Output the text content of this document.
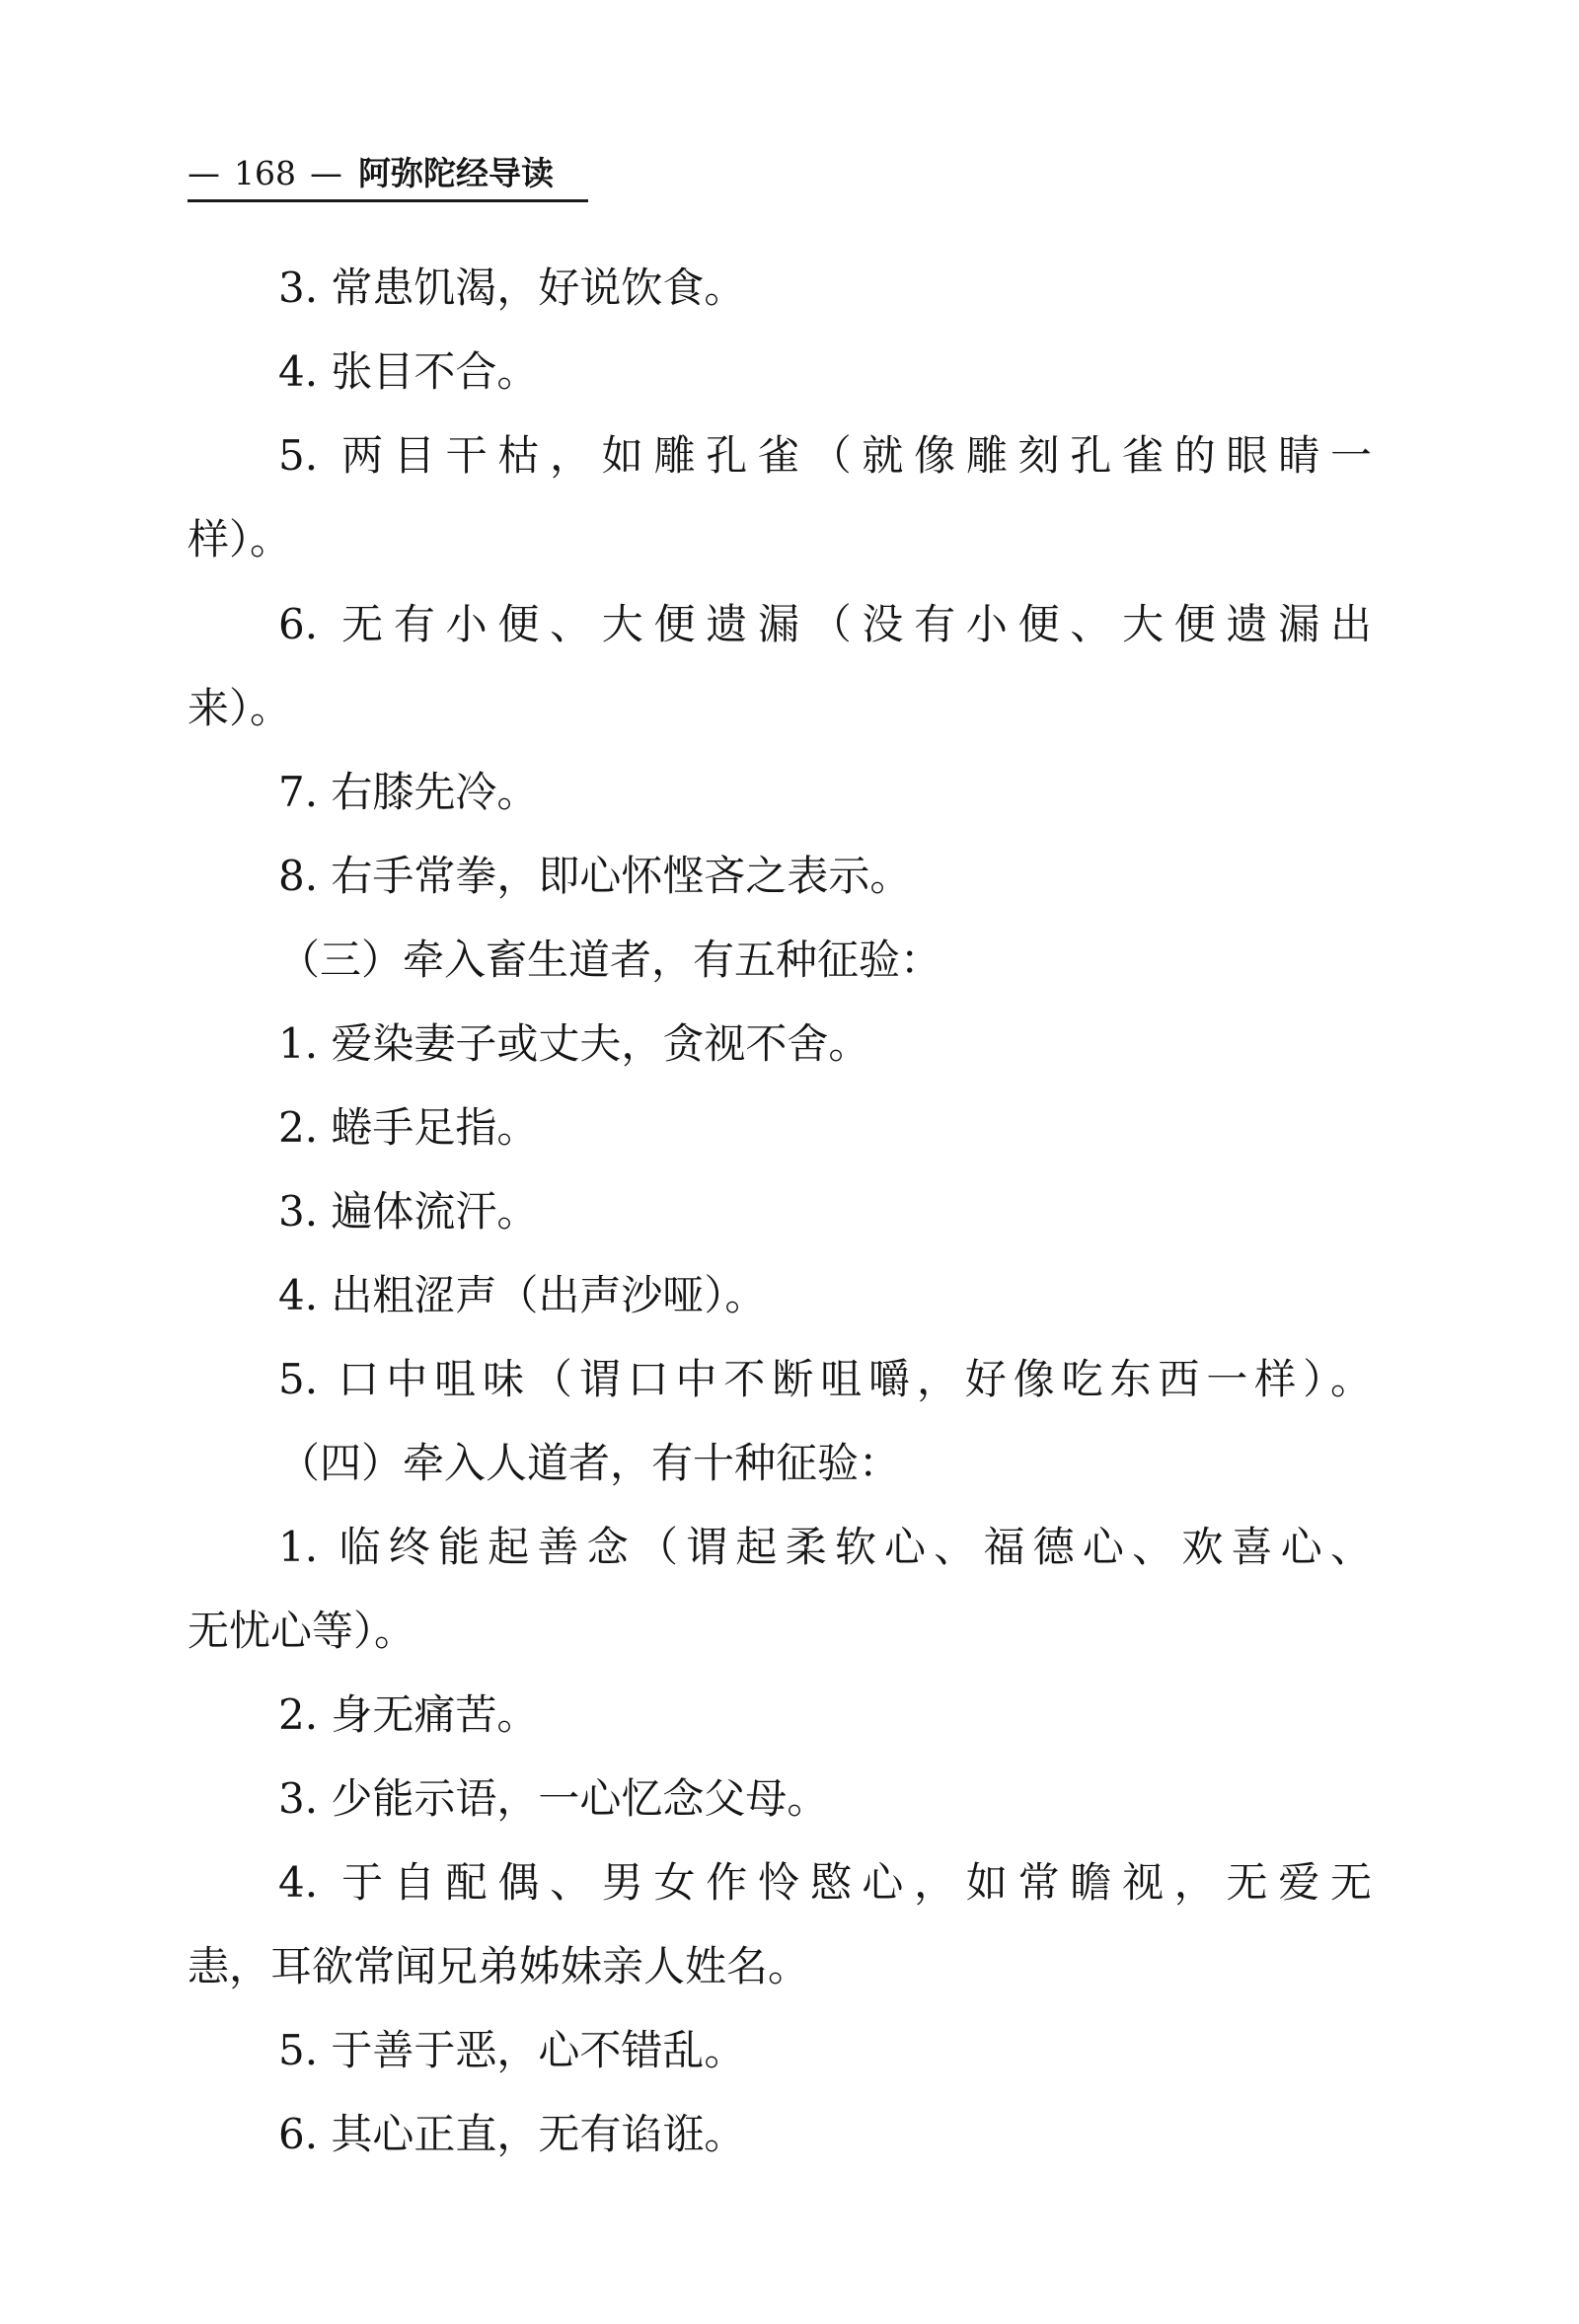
— 168 — 阿弥陀经导读
3. 常患饥渴，好说饮食。
4. 张目不合。
5. 两目干枯，如雕孔雀（就像雕刻孔雀的眼睛一
样）。
6. 无有小便、大便遗漏（没有小便、大便遗漏出
来）。
7. 右膝先冷。
8. 右手常拳，即心怀悭吝之表示。
（三）牵入畜生道者，有五种征验：
1. 爱染妻子或丈夫，贪视不舍。
2. 蜷手足指。
3. 遍体流汗。
4. 出粗涩声（出声沙哑）。
5. 口中咀味（谓口中不断咀嚼，好像吃东西一样）。
（四）牵入人道者，有十种征验：
1. 临终能起善念（谓起柔软心、福德心、欢喜心、
无忧心等）。
2. 身无痛苦。
3. 少能示语，一心忆念父母。
4. 于自配偶、男女作怜愍心，如常瞻视，无爱无
恚，耳欲常闻兄弟姊妹亲人姓名。
5. 于善于恶，心不错乱。
6. 其心正直，无有谄诳。
